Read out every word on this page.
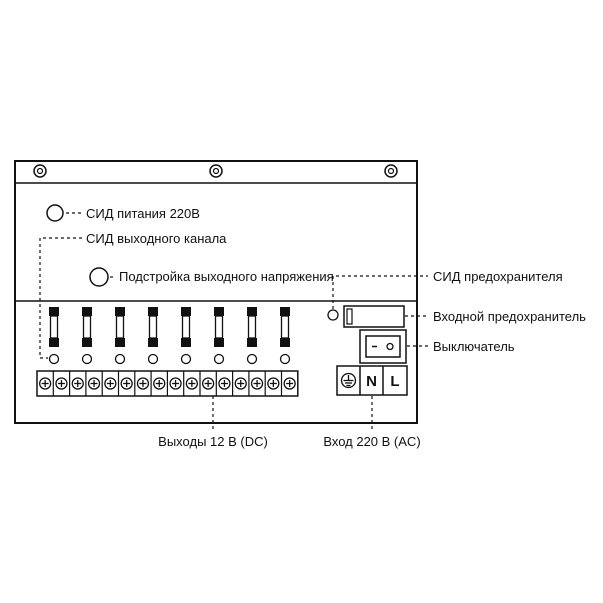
СИД питания 220В
СИД выходного канала
Подстройка выходного напряжения	СИД предохранителя
Входной предохранитель
Выключатель
N L
Выходы 12 В (DC)	Вход 220 В (AC)
